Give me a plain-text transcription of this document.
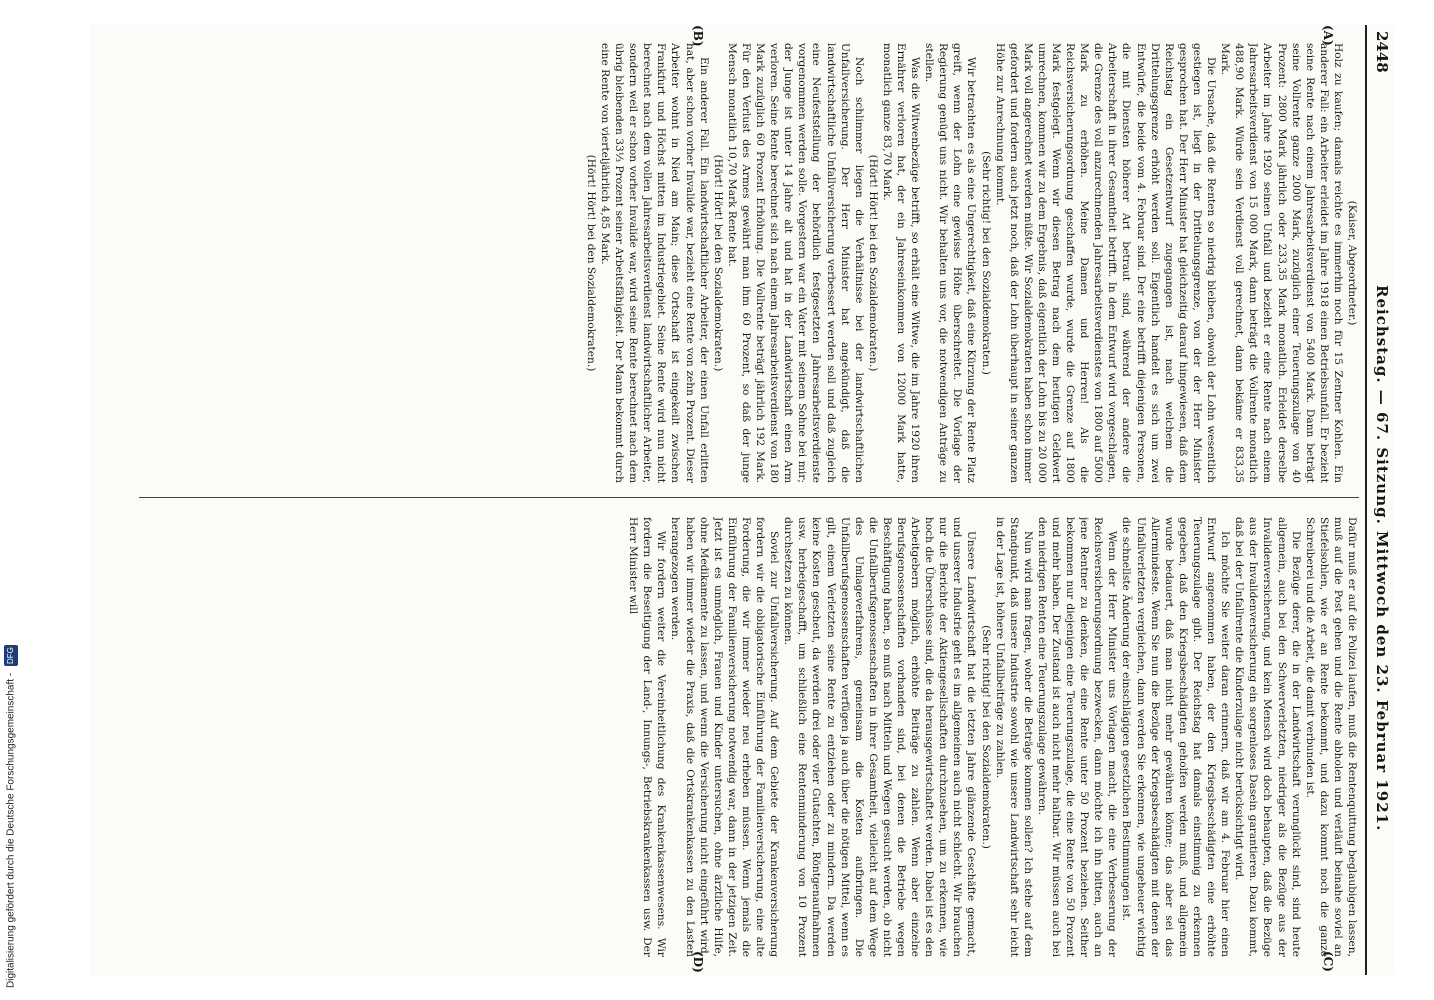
Digitalisierung gefördert durch die Deutsche Forschungsgemeinschaft - DFG
2448
Reichstag. — 67. Sitzung. Mittwoch den 23. Februar 1921.
(A)
(B)
(C)
(D)

(Kaiser, Abgeordneter.)

Holz zu kaufen; damals reichte es immerhin noch für 15 Zentner Kohlen. Ein anderer Fall: ein Arbeiter erleidet im Jahre 1918 einen Betriebsunfall. Er bezieht seine Rente nach einem Jahresarbeitsverdienst von 5400 Mark. Dann beträgt seine Vollrente ganze 2000 Mark, zuzüglich einer Teuerungszulage von 40 Prozent: 2800 Mark jährlich oder 233,35 Mark monatlich. Erleidet derselbe Arbeiter im Jahre 1920 seinen Unfall und bezieht er eine Rente nach einem Jahresarbeitsverdienst von 15 000 Mark, dann beträgt die Vollrente monatlich 488,90 Mark. Würde sein Verdienst voll gerechnet, dann bekäme er 833,35 Mark.

Die Ursache, daß die Renten so niedrig bleiben, obwohl der Lohn wesentlich gestiegen ist, liegt in der Drittelungsgrenze, von der der Herr Minister gesprochen hat. Der Herr Minister hat gleichzeitig darauf hingewiesen, daß dem Reichstag ein Gesetzentwurf zugegangen ist, nach welchem die Drittelungsgrenze erhöht werden soll. Eigentlich handelt es sich um zwei Entwürfe, die beide vom 4. Februar sind. Der eine betrifft diejenigen Personen, die mit Diensten höherer Art betraut sind, während der andere die Arbeiterschaft in ihrer Gesamtheit betrifft. In dem Entwurf wird vorgeschlagen, die Grenze des voll anzurechnenden Jahresarbeitsverdienstes von 1800 auf 5000 Mark zu erhöhen. Meine Damen und Herren! Als die Reichsversicherungsordnung geschaffen wurde, wurde die Grenze auf 1800 Mark festgelegt. Wenn wir diesen Betrag nach dem heutigen Geldwert umrechnen, kommen wir zu dem Ergebnis, daß eigentlich der Lohn bis zu 20 000 Mark voll angerechnet werden müßte. Wir Sozialdemokraten haben schon immer gefordert und fordern auch jetzt noch, daß der Lohn überhaupt in seiner ganzen Höhe zur Anrechnung kommt.

(Sehr richtig! bei den Sozialdemokraten.)

Wir betrachten es als eine Ungerechtigkeit, daß eine Kürzung der Rente Platz greift, wenn der Lohn eine gewisse Höhe überschreitet. Die Vorlage der Regierung genügt uns nicht. Wir behalten uns vor, die notwendigen Anträge zu stellen.

Was die Witwenbezüge betrifft, so erhält eine Witwe, die im Jahre 1920 ihren Ernährer verloren hat, der ein Jahreseinkommen von 12000 Mark hatte, monatlich ganze 83,70 Mark.

(Hört! Hört! bei den Sozialdemokraten.)

Noch schlimmer liegen die Verhältnisse bei der landwirtschaftlichen Unfallversicherung. Der Herr Minister hat angekündigt, daß die landwirtschaftliche Unfallversicherung verbessert werden soll und daß zugleich eine Neufeststellung der behördlich festgesetzten Jahresarbeitsverdienste vorgenommen werden solle. Vorgestern war ein Vater mit seinem Sohne bei mir; der Junge ist unter 14 Jahre alt und hat in der Landwirtschaft einen Arm verloren. Seine Rente berechnet sich nach einem Jahresarbeitsverdienst von 180 Mark zuzüglich 60 Prozent Erhöhung. Die Vollrente beträgt jährlich 192 Mark. Für den Verlust des Armes gewährt man ihm 60 Prozent, so daß der junge Mensch monatlich 10,70 Mark Rente hat.

(Hört! Hört! bei den Sozialdemokraten.)

Ein anderer Fall. Ein landwirtschaftlicher Arbeiter, der einen Unfall erlitten hat, aber schon vorher Invalide war, bezieht eine Rente von zehn Prozent. Dieser Arbeiter wohnt in Nied am Main; diese Ortschaft ist eingekeilt zwischen Frankfurt und Höchst mitten im Industriegebiet. Seine Rente wird nun nicht berechnet nach dem vollen Jahresarbeitsverdienst landwirtschaftlicher Arbeiter, sondern weil er schon vorher Invalide war, wird seine Rente berechnet nach dem übrig bleibenden 33⅓ Prozent seiner Arbeitsfähigkeit. Der Mann bekommt durch eine Rente von vierteljährlich 4,85 Mark.

(Hört! Hört! bei den Sozialdemokraten.)

Dafür muß er auf die Polizei laufen, muß die Rentenquittung beglaubigen lassen, muß auf die Post gehen und die Rente abholen und verläuft beinahe soviel an Stiefelsohlen, wie er an Rente bekommt, und dazu kommt noch die ganze Schreiberei und die Arbeit, die damit verbunden ist.

Die Bezüge derer, die in der Landwirtschaft verunglückt sind, sind heute allgemein, auch bei den Schwerverletzten, niedriger als die Bezüge aus der Invalidenversicherung, und kein Mensch wird doch behaupten, daß die Bezüge aus der Invalidenversicherung ein sorgenloses Dasein garantieren. Dazu kommt, daß bei der Unfallrente die Kinderzulage nicht berücksichtigt wird.

Ich möchte Sie weiter daran erinnern, daß wir am 4. Februar hier einen Entwurf angenommen haben, der den Kriegsbeschädigten eine erhöhte Teuerungszulage gibt. Der Reichstag hat damals einstimmig zu erkennen gegeben, daß den Kriegsbeschädigten geholfen werden muß, und allgemein wurde bedauert, daß man nicht mehr gewähren könne; das aber sei das Allermindeste. Wenn Sie nun die Bezüge der Kriegsbeschädigten mit denen der Unfallverletzten vergleichen, dann werden Sie erkennen, wie ungeheuer wichtig die schnellste Änderung der einschlägigen gesetzlichen Bestimmungen ist.

Wenn der Herr Minister uns Vorlagen macht, die eine Verbesserung der Reichsversicherungsordnung bezwecken, dann möchte ich ihn bitten, auch an jene Rentner zu denken, die eine Rente unter 50 Prozent beziehen. Seither bekommen nur diejenigen eine Teuerungszulage, die eine Rente von 50 Prozent und mehr haben. Der Zustand ist auch nicht mehr haltbar. Wir müssen auch bei den niedrigen Renten eine Teuerungszulage gewähren.

Nun wird man fragen, woher die Beträge kommen sollen? Ich stehe auf dem Standpunkt, daß unsere Industrie sowohl wie unsere Landwirtschaft sehr leicht in der Lage ist, höhere Unfallbeiträge zu zahlen.

(Sehr richtig! bei den Sozialdemokraten.)

Unsere Landwirtschaft hat die letzten Jahre glänzende Geschäfte gemacht, und unserer Industrie geht es im allgemeinen auch nicht schlecht. Wir brauchen nur die Berichte der Aktiengesellschaften durchzusehen, um zu erkennen, wie hoch die Überschüsse sind, die da herausgewirtschaftet werden. Dabei ist es den Arbeitgebern möglich, erhöhte Beiträge zu zahlen. Wenn aber einzelne Berufsgenossenschaften vorhanden sind, bei denen die Betriebe wegen Beschäftigung haben, so muß nach Mitteln und Wegen gesucht werden, ob nicht die Unfallberufsgenossenschaften in ihrer Gesamtheit, vielleicht auf dem Wege des Umlageverfahrens, gemeinsam die Kosten aufbringen. Die Unfallberufsgenossenschaften verfügen ja auch über die nötigen Mittel, wenn es gilt, einem Verletzten seine Rente zu entziehen oder zu mindern. Da werden keine Kosten gescheut, da werden drei oder vier Gutachten, Röntgenaufnahmen usw. herbeigeschafft, um schließlich eine Rentenminderung von 10 Prozent durchsetzen zu können.

Soviel zur Unfallversicherung. Auf dem Gebiete der Krankenversicherung fordern wir die obligatorische Einführung der Familienversicherung, eine alte Forderung, die wir immer wieder neu erheben müssen. Wenn jemals die Einführung der Familienversicherung notwendig war, dann in der jetzigen Zeit. Jetzt ist es unmöglich, Frauen und Kinder untersuchen, ohne ärztliche Hilfe, ohne Medikamente zu lassen, und wenn die Versicherung nicht eingeführt wird, haben wir immer wieder die Praxis, daß die Ortskrankenkassen zu den Lasten herangezogen werden.

Wir fordern weiter die Vereinheitlichung des Krankenkassenwesens. Wir fordern die Beseitigung der Land-, Innungs-, Betriebskrankenkassen usw. Der Herr Minister will
